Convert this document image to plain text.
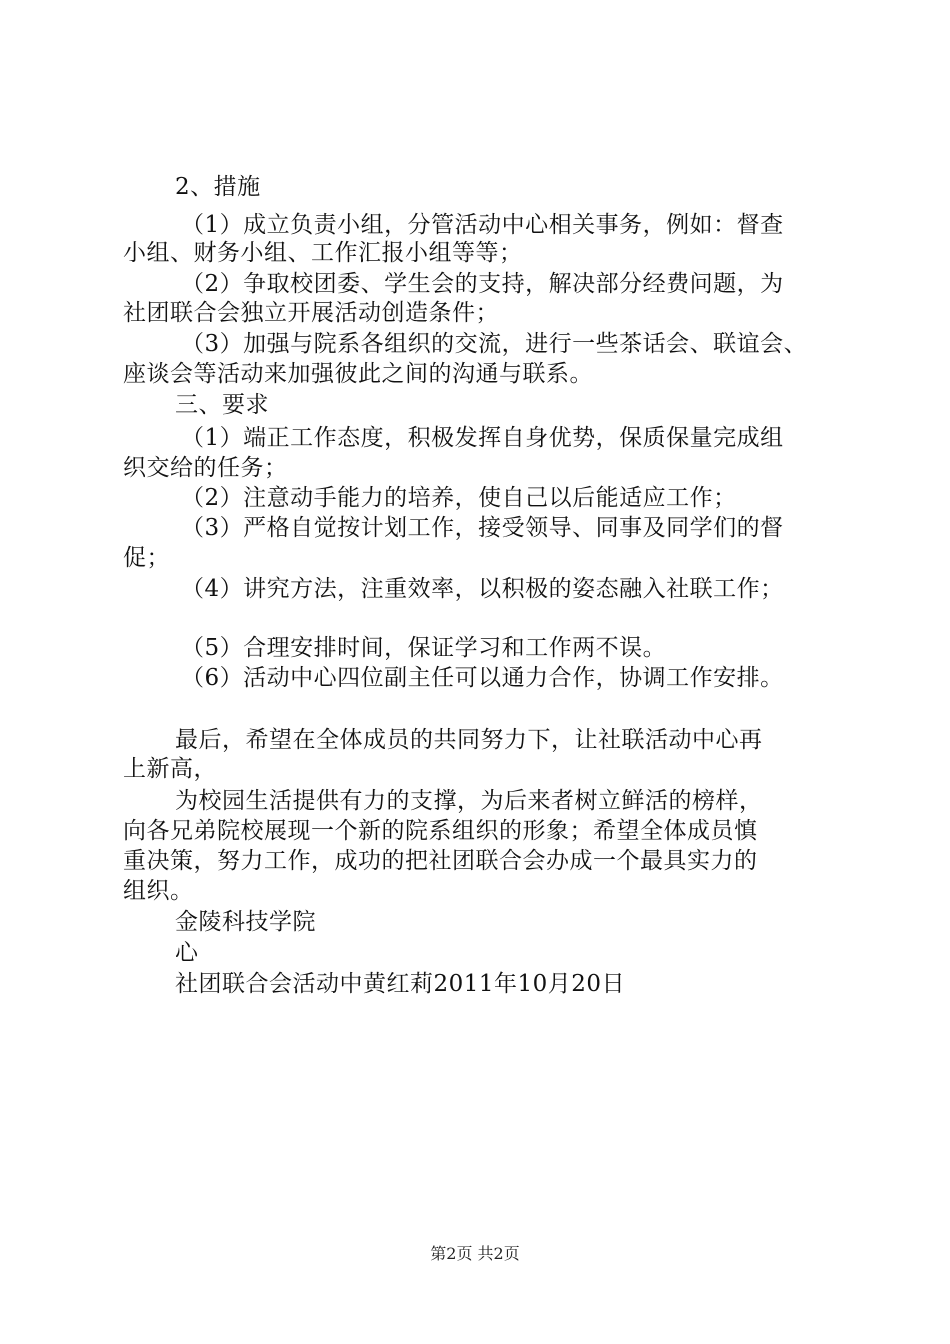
2、措施
（1）成立负责小组，分管活动中心相关事务，例如：督查
小组、财务小组、工作汇报小组等等；
（2）争取校团委、学生会的支持，解决部分经费问题，为
社团联合会独立开展活动创造条件；
（3）加强与院系各组织的交流，进行一些茶话会、联谊会、
座谈会等活动来加强彼此之间的沟通与联系。
三、要求
（1）端正工作态度，积极发挥自身优势，保质保量完成组
织交给的任务；
（2）注意动手能力的培养，使自己以后能适应工作；
（3）严格自觉按计划工作，接受领导、同事及同学们的督
促；
（4）讲究方法，注重效率，以积极的姿态融入社联工作；
（5）合理安排时间，保证学习和工作两不误。
（6）活动中心四位副主任可以通力合作，协调工作安排。
最后，希望在全体成员的共同努力下，让社联活动中心再
上新高，
为校园生活提供有力的支撑，为后来者树立鲜活的榜样，
向各兄弟院校展现一个新的院系组织的形象；希望全体成员慎
重决策，努力工作，成功的把社团联合会办成一个最具实力的
组织。
金陵科技学院
心
社团联合会活动中黄红莉2011年10月20日
第2页 共2页
